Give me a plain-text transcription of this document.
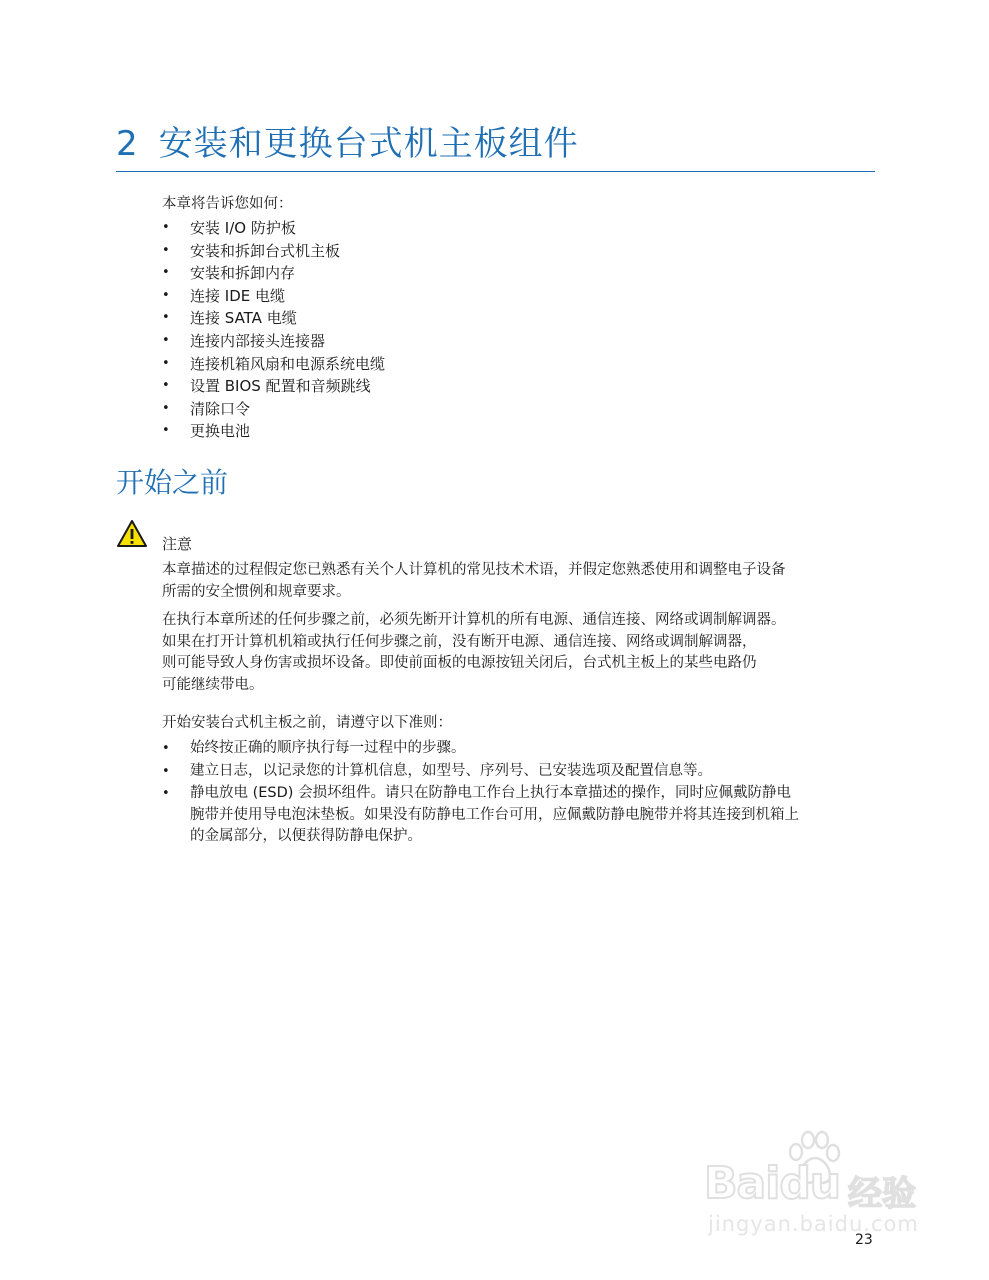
2 安装和更换台式机主板组件

本章将告诉您如何：

• 安装 I/O 防护板
• 安装和拆卸台式机主板
• 安装和拆卸内存
• 连接 IDE 电缆
• 连接 SATA 电缆
• 连接内部接头连接器
• 连接机箱风扇和电源系统电缆
• 设置 BIOS 配置和音频跳线
• 清除口令
• 更换电池
开始之前
注意

本章描述的过程假定您已熟悉有关个人计算机的常见技术术语，并假定您熟悉使用和调整电子设备
所需的安全惯例和规章要求。

在执行本章所述的任何步骤之前，必须先断开计算机的所有电源、通信连接、网络或调制解调器。
如果在打开计算机机箱或执行任何步骤之前，没有断开电源、通信连接、网络或调制解调器，
则可能导致人身伤害或损坏设备。即使前面板的电源按钮关闭后，台式机主板上的某些电路仍
可能继续带电。

开始安装台式机主板之前，请遵守以下准则：

• 始终按正确的顺序执行每一过程中的步骤。
• 建立日志，以记录您的计算机信息，如型号、序列号、已安装选项及配置信息等。
• 静电放电 (ESD) 会损坏组件。请只在防静电工作台上执行本章描述的操作，同时应佩戴防静电
腕带并使用导电泡沫垫板。如果没有防静电工作台可用，应佩戴防静电腕带并将其连接到机箱上
的金属部分，以便获得防静电保护。
Baidu 经验
jingyan.baidu.com
23
